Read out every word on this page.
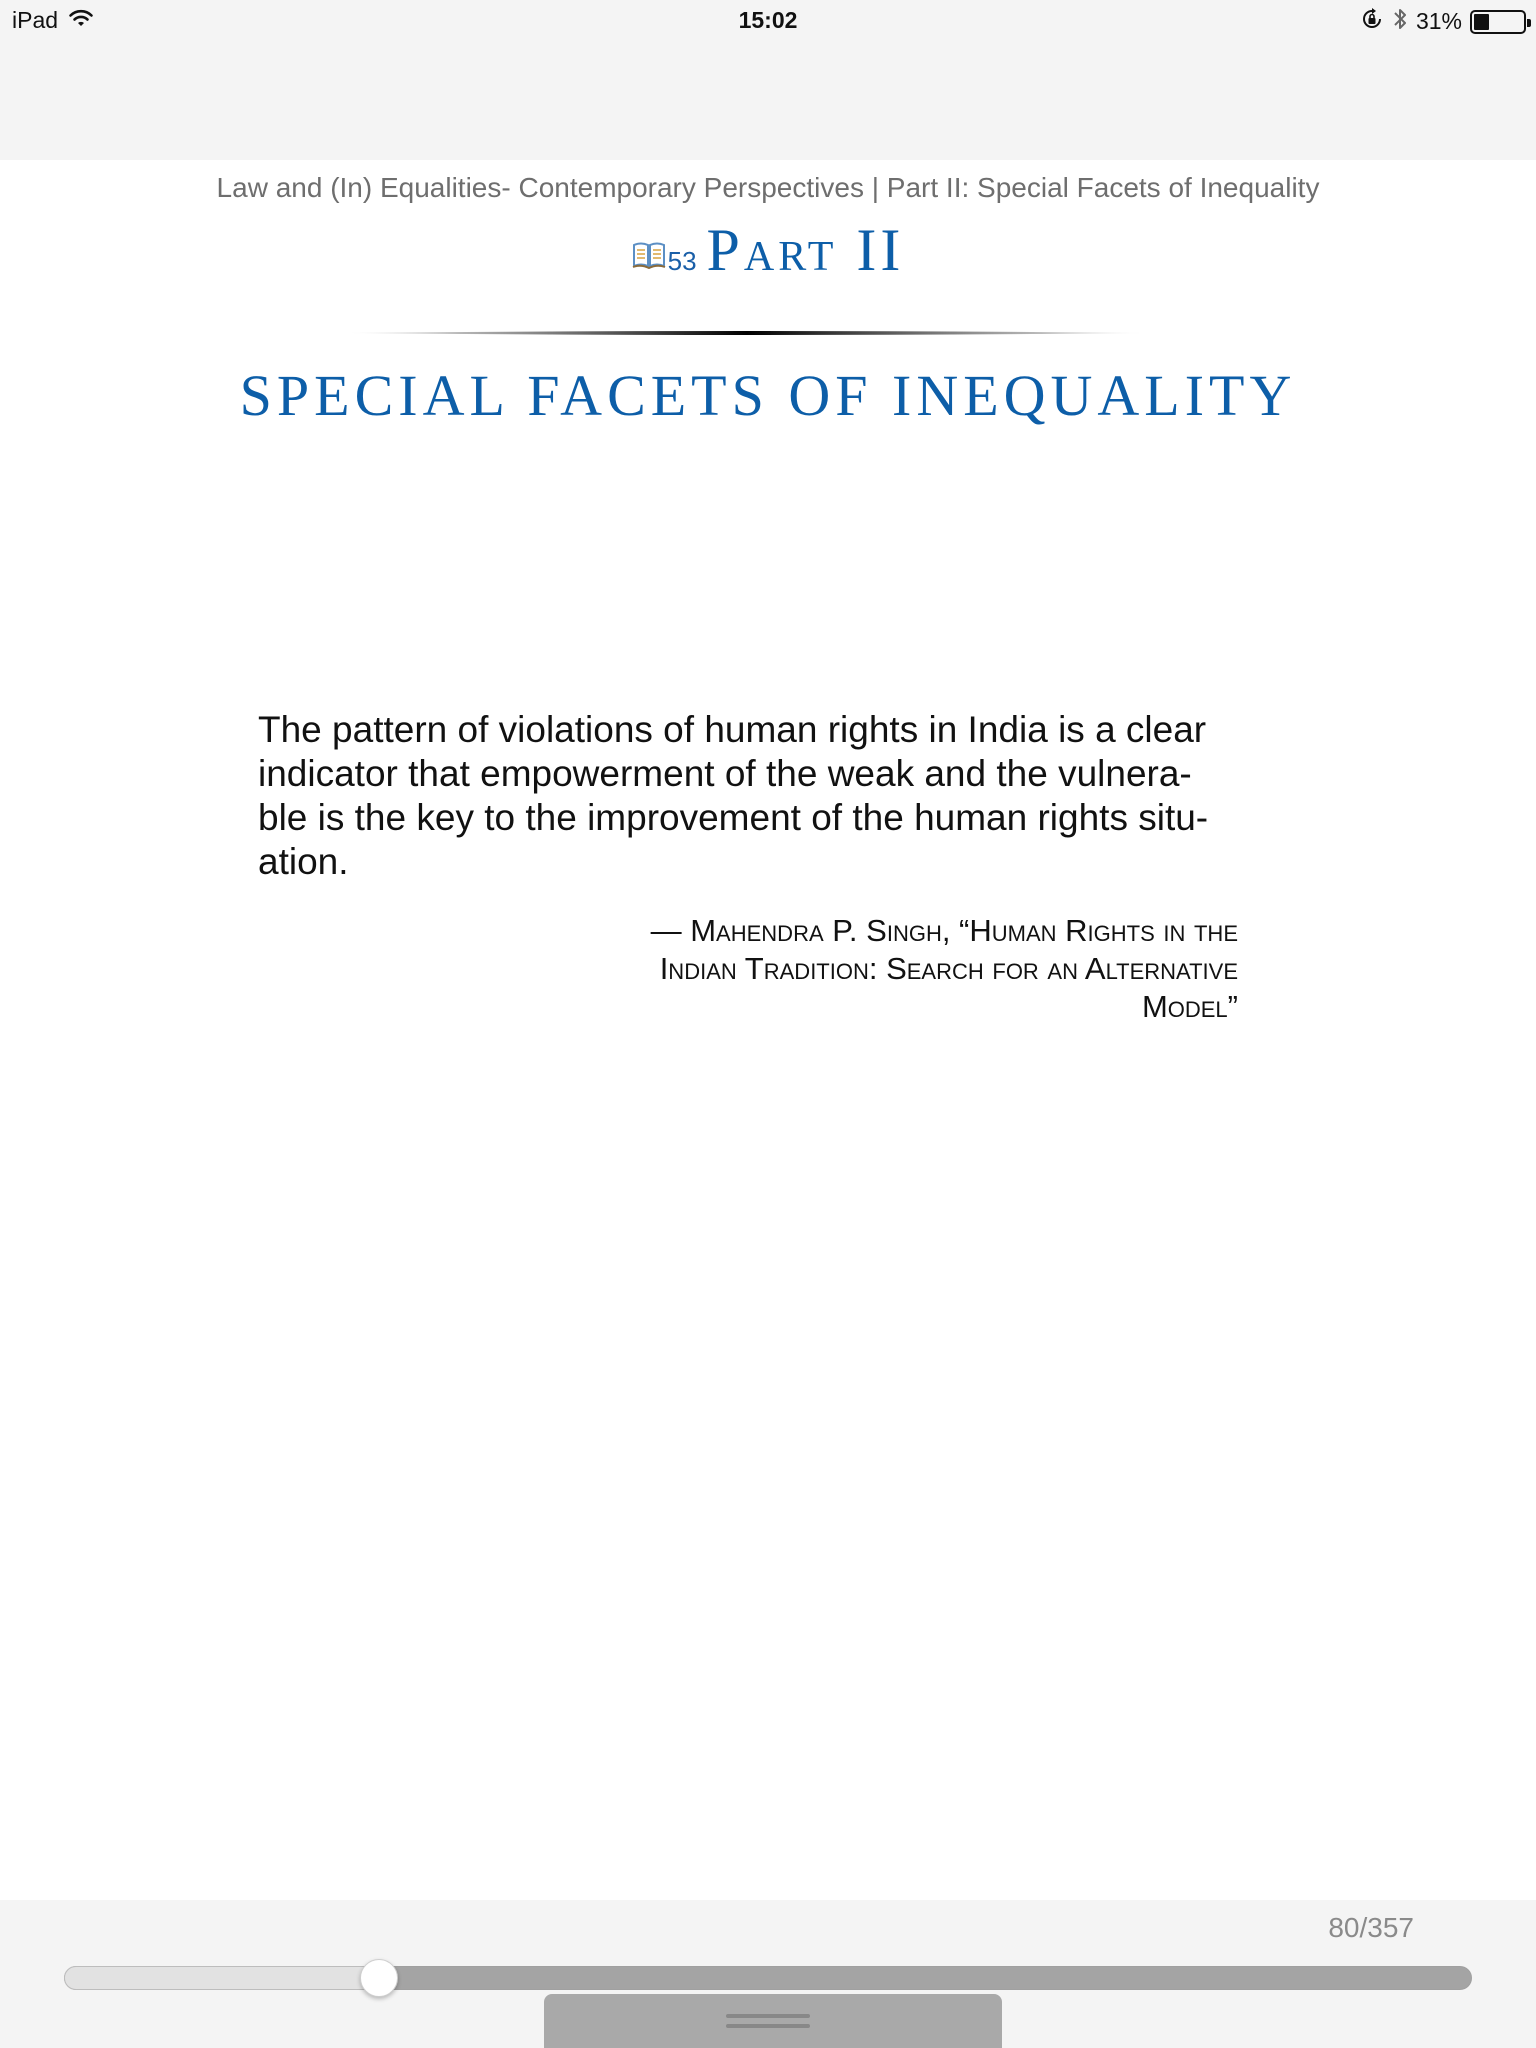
iPad	15:02	31%
Law and (In) Equalities- Contemporary Perspectives | Part II: Special Facets of Inequality
53 Part II
SPECIAL FACETS OF INEQUALITY
The pattern of violations of human rights in India is a clear
indicator that empowerment of the weak and the vulnera-
ble is the key to the improvement of the human rights situ-
ation.
— Mahendra P. Singh, “Human Rights in the
Indian Tradition: Search for an Alternative
Model”
80/357
